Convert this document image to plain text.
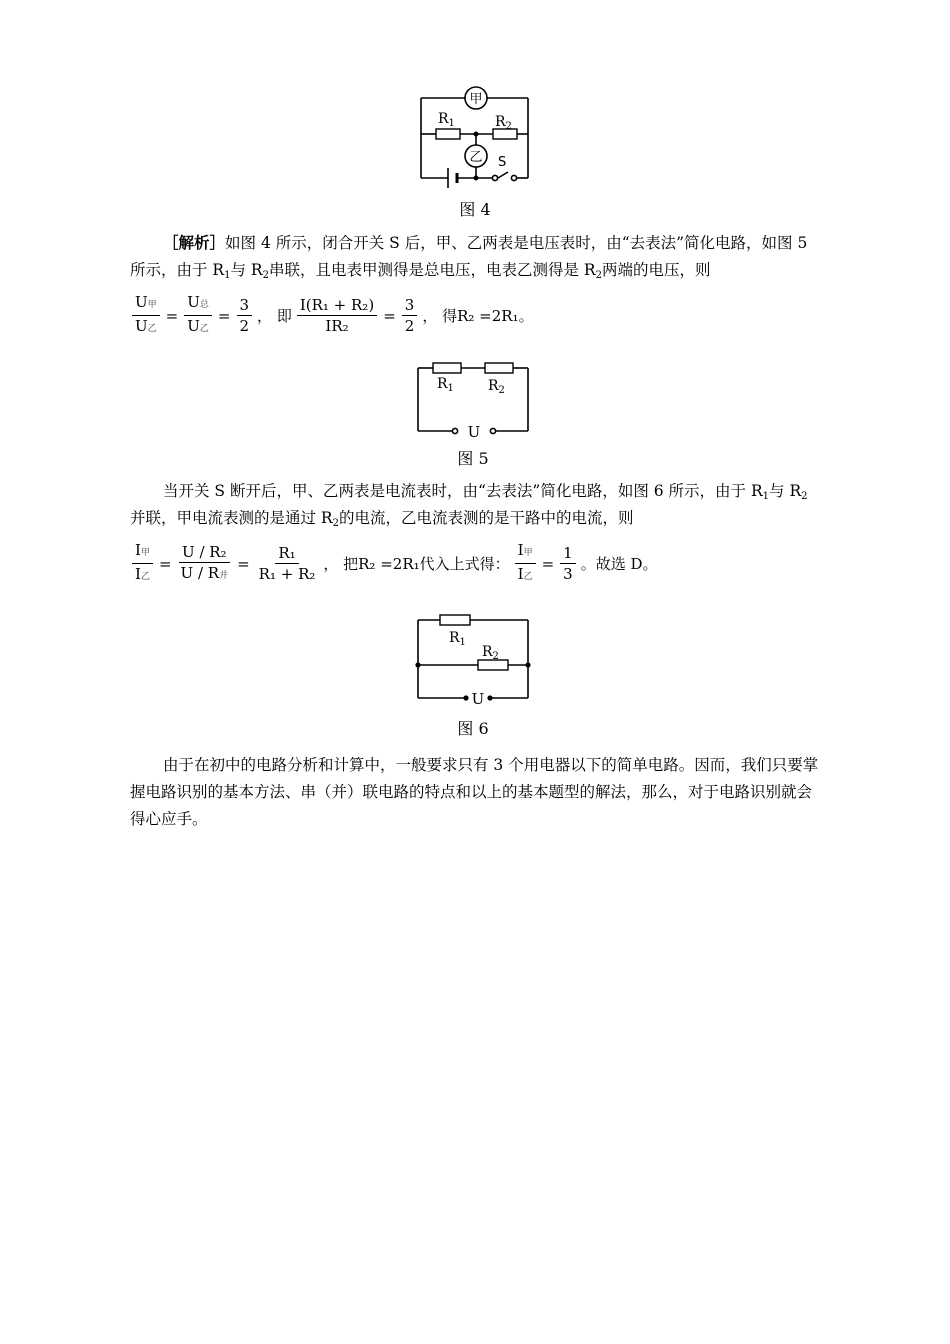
甲
乙
$R_1$	$R_2$
S
图 4
［解析］如图 4 所示，闭合开关 S 后，甲、乙两表是电压表时，由“去表法”简化电路，如图 5 所示，由于 $R_1$与 $R_2$串联，且电表甲测得是总电压，电表乙测得是 $R_2$两端的电压，则
$\frac{\text{U甲}}{\text{U乙}} = \frac{\text{U总}}{\text{U乙}} = \frac{3}{2}$ ， 即 $\frac{\text{I(R₁ + R₂)}}{\text{IR₂}} = \frac{3}{2}$ ， 得R₂ =2R₁。
$R_1$ $R_2$
U
图 5
当开关 S 断开后，甲、乙两表是电流表时，由“去表法”简化电路，如图 6 所示，由于 $R_1$与 $R_2$并联，甲电流表测的是通过 $R_2$的电流，乙电流表测的是干路中的电流，则
$\frac{\text{I甲}}{\text{I乙}} = \frac{\text{U / R₂}}{\text{U / R并}} = \frac{\text{R₁}}{\text{R₁ + R₂}}$ ， 把R₂ =2R₁代入上式得： $\frac{\text{I甲}}{\text{I乙}} = \frac{1}{3}$ 。故选 D。
$R_1$
$R_2$
U
图 6
由于在初中的电路分析和计算中，一般要求只有 3 个用电器以下的简单电路。因而，我们只要掌握电路识别的基本方法、串（并）联电路的特点和以上的基本题型的解法，那么，对于电路识别就会得心应手。
